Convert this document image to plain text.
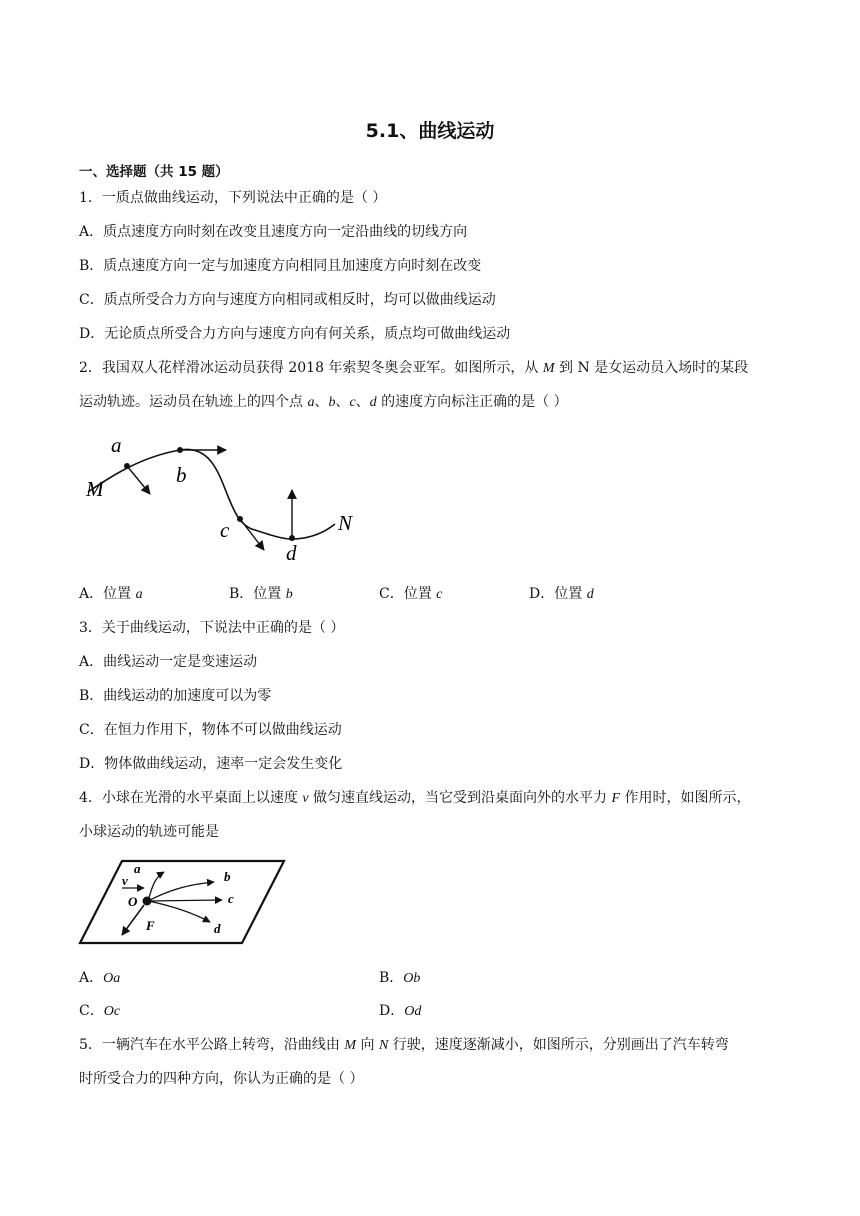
5.1、曲线运动
一、选择题（共 15 题）
1．一质点做曲线运动，下列说法中正确的是（ ）
A．质点速度方向时刻在改变且速度方向一定沿曲线的切线方向
B．质点速度方向一定与加速度方向相同且加速度方向时刻在改变
C．质点所受合力方向与速度方向相同或相反时，均可以做曲线运动
D．无论质点所受合力方向与速度方向有何关系，质点均可做曲线运动
2．我国双人花样滑冰运动员获得 2018 年索契冬奥会亚军。如图所示，从 M 到 N 是女运动员入场时的某段
运动轨迹。运动员在轨迹上的四个点 a、b、c、d 的速度方向标注正确的是（ ）
a
b
c
d
M
N
A．位置 a	B．位置 b	C．位置 c	D．位置 d
3．关于曲线运动，下说法中正确的是（ ）
A．曲线运动一定是变速运动
B．曲线运动的加速度可以为零
C．在恒力作用下，物体不可以做曲线运动
D．物体做曲线运动，速率一定会发生变化
4．小球在光滑的水平桌面上以速度 v 做匀速直线运动，当它受到沿桌面向外的水平力 F 作用时，如图所示，
小球运动的轨迹可能是
a
b
c
d
v
O
F
A．Oa	B．Ob
C．Oc	D．Od
5．一辆汽车在水平公路上转弯，沿曲线由 M 向 N 行驶，速度逐渐减小，如图所示，分别画出了汽车转弯
时所受合力的四种方向，你认为正确的是（ ）
